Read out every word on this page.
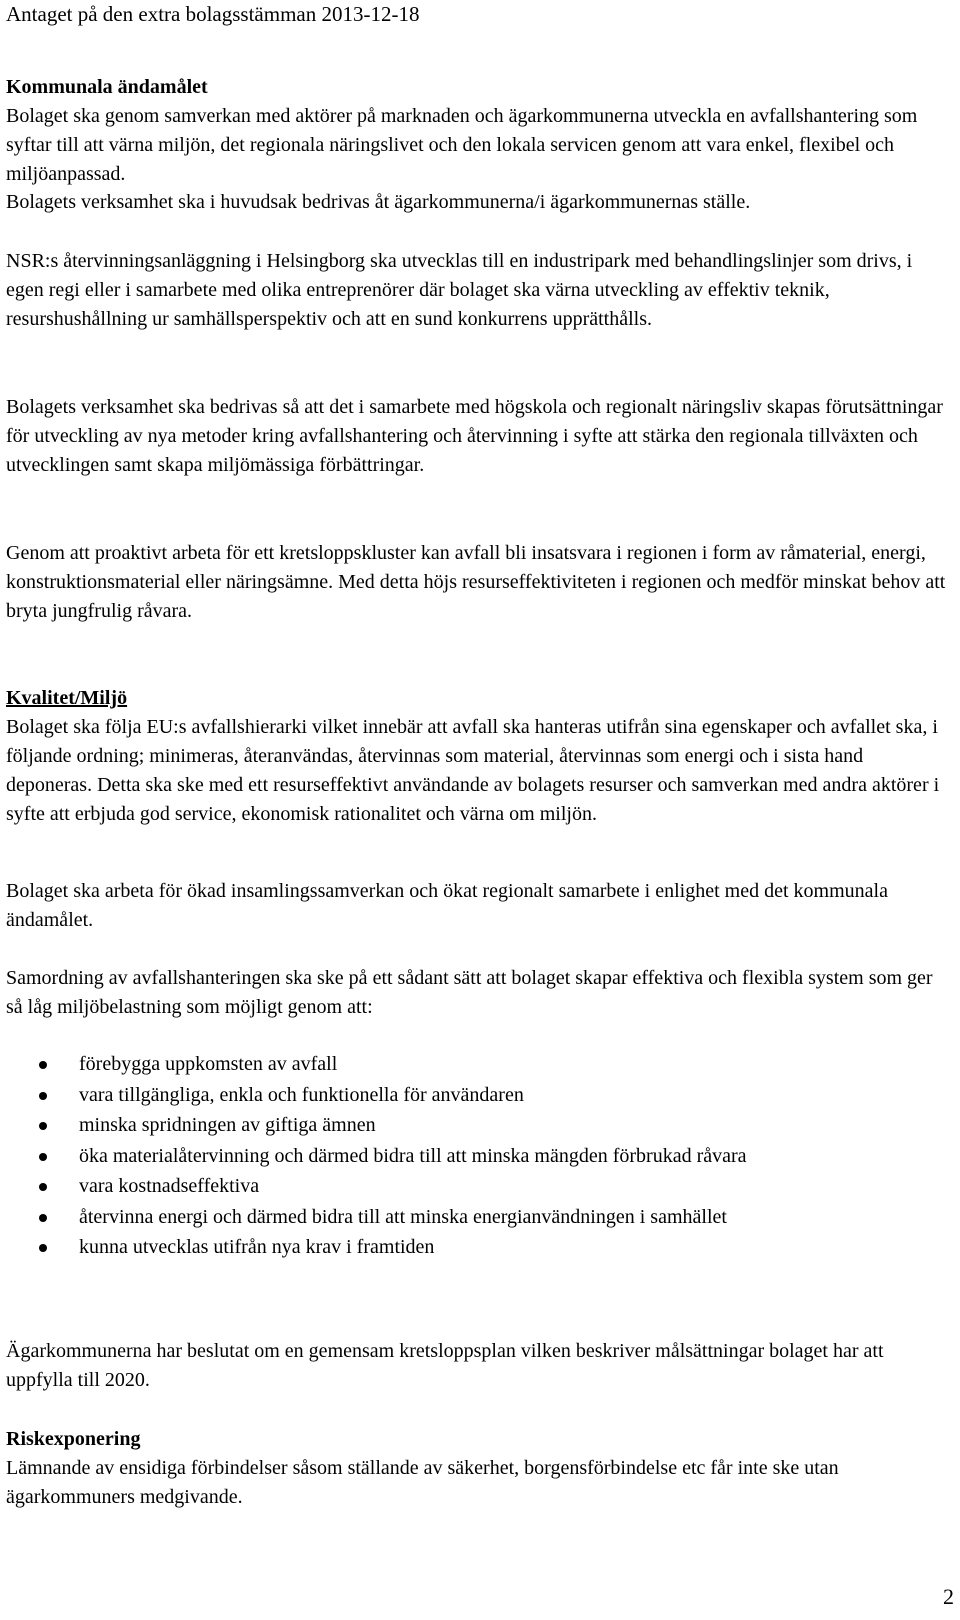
Antaget på den extra bolagsstämman 2013-12-18

Kommunala ändamålet

Bolaget ska genom samverkan med aktörer på marknaden och ägarkommunerna utveckla en avfallshantering som syftar till att värna miljön, det regionala näringslivet och den lokala servicen genom att vara enkel, flexibel och miljöanpassad.

Bolagets verksamhet ska i huvudsak bedrivas åt ägarkommunerna/i ägarkommunernas ställe.

NSR:s återvinningsanläggning i Helsingborg ska utvecklas till en industripark med behandlingslinjer som drivs, i egen regi eller i samarbete med olika entreprenörer där bolaget ska värna utveckling av effektiv teknik, resurshushållning ur samhällsperspektiv och att en sund konkurrens upprätthålls.

Bolagets verksamhet ska bedrivas så att det i samarbete med högskola och regionalt näringsliv skapas förutsättningar för utveckling av nya metoder kring avfallshantering och återvinning i syfte att stärka den regionala tillväxten och utvecklingen samt skapa miljömässiga förbättringar.

Genom att proaktivt arbeta för ett kretsloppskluster kan avfall bli insatsvara i regionen i form av råmaterial, energi, konstruktionsmaterial eller näringsämne. Med detta höjs resurseffektiviteten i regionen och medför minskat behov att bryta jungfrulig råvara.

Kvalitet/Miljö

Bolaget ska följa EU:s avfallshierarki vilket innebär att avfall ska hanteras utifrån sina egenskaper och avfallet ska, i följande ordning; minimeras, återanvändas, återvinnas som material, återvinnas som energi och i sista hand deponeras. Detta ska ske med ett resurseffektivt användande av bolagets resurser och samverkan med andra aktörer i syfte att erbjuda god service, ekonomisk rationalitet och värna om miljön.

Bolaget ska arbeta för ökad insamlingssamverkan och ökat regionalt samarbete i enlighet med det kommunala ändamålet.

Samordning av avfallshanteringen ska ske på ett sådant sätt att bolaget skapar effektiva och flexibla system som ger så låg miljöbelastning som möjligt genom att:

förebygga uppkomsten av avfall
vara tillgängliga, enkla och funktionella för användaren
minska spridningen av giftiga ämnen
öka materialåtervinning och därmed bidra till att minska mängden förbrukad råvara
vara kostnadseffektiva
återvinna energi och därmed bidra till att minska energianvändningen i samhället
kunna utvecklas utifrån nya krav i framtiden

Ägarkommunerna har beslutat om en gemensam kretsloppsplan vilken beskriver målsättningar bolaget har att uppfylla till 2020.

Riskexponering

Lämnande av ensidiga förbindelser såsom ställande av säkerhet, borgensförbindelse etc får inte ske utan ägarkommuners medgivande.

2
